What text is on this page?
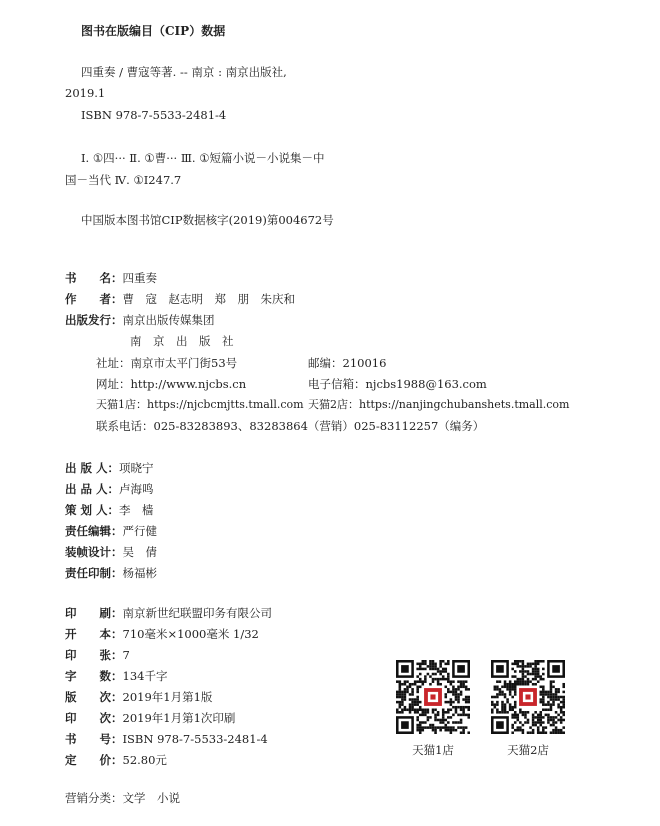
图书在版编目（CIP）数据
四重奏 / 曹寇等著. -- 南京 : 南京出版社,
2019.1
ISBN 978-7-5533-2481-4
Ⅰ. ①四··· Ⅱ. ①曹··· Ⅲ. ①短篇小说－小说集－中
国－当代 Ⅳ. ①I247.7
中国版本图书馆CIP数据核字(2019)第004672号
书　　名：四重奏
作　　者：曹　寇　赵志明　郑　朋　朱庆和
出版发行：南京出版传媒集团
南　京　出　版　社
社址：南京市太平门街53号	邮编：210016
网址：http://www.njcbs.cn	电子信箱：njcbs1988@163.com
天猫1店：https://njcbcmjtts.tmall.com 天猫2店：https://nanjingchubanshets.tmall.com
联系电话：025-83283893、83283864（营销）025-83112257（编务）
出 版 人：项晓宁
出 品 人：卢海鸣
策 划 人：李　樯
责任编辑：严行健
装帧设计：吴　倩
责任印制：杨福彬
印　　刷：南京新世纪联盟印务有限公司
开　　本：710毫米×1000毫米 1/32
印　　张：7
字　　数：134千字
版　　次：2019年1月第1版
印　　次：2019年1月第1次印刷
书　　号：ISBN 978-7-5533-2481-4
定　　价：52.80元
天猫1店	天猫2店
营销分类：文学　小说
